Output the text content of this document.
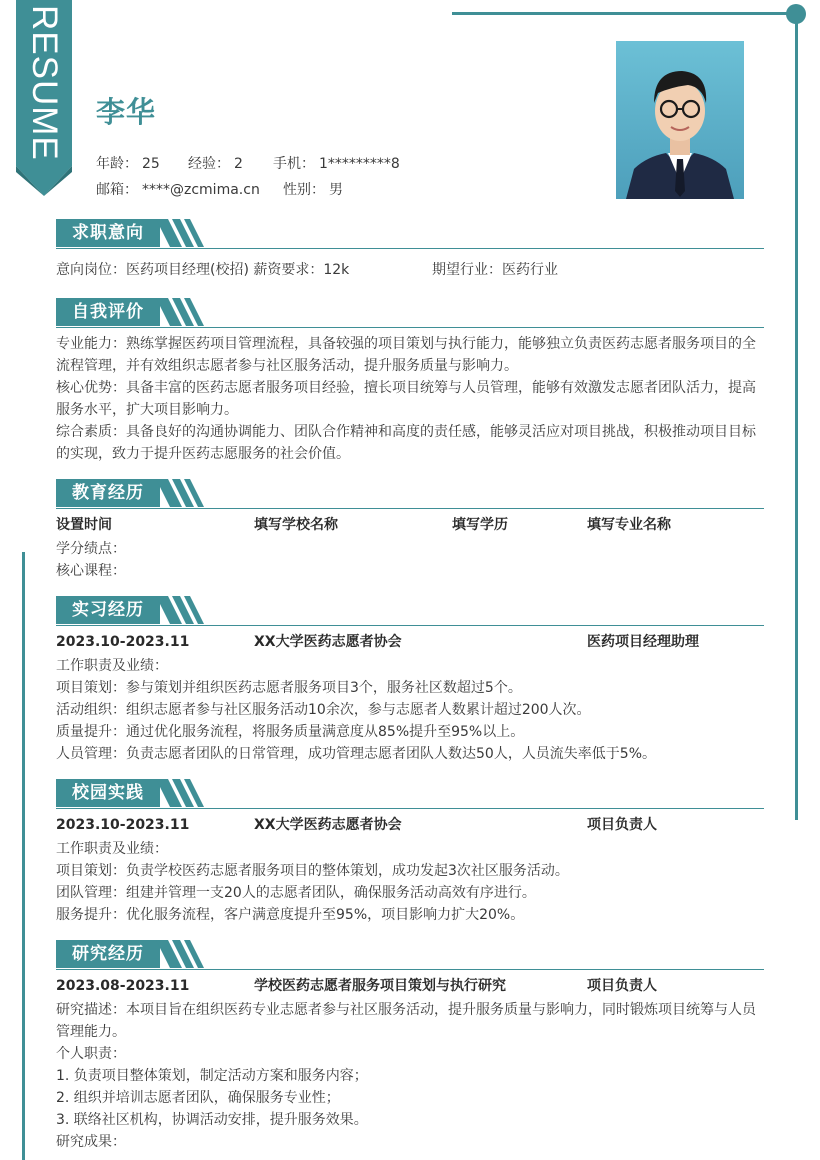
RESUME 李华
年龄： 25 经验： 2 手机： 1*********8
邮箱： ****@zcmima.cn 性别： 男
求职意向
意向岗位：医药项目经理(校招) 薪资要求：12k	期望行业：医药行业
自我评价
专业能力：熟练掌握医药项目管理流程，具备较强的项目策划与执行能力，能够独立负责医药志愿者服务项目的全流程管理，并有效组织志愿者参与社区服务活动，提升服务质量与影响力。
核心优势：具备丰富的医药志愿者服务项目经验，擅长项目统筹与人员管理，能够有效激发志愿者团队活力，提高服务水平，扩大项目影响力。
综合素质：具备良好的沟通协调能力、团队合作精神和高度的责任感，能够灵活应对项目挑战，积极推动项目目标的实现，致力于提升医药志愿服务的社会价值。
教育经历
设置时间	填写学校名称	填写学历	填写专业名称
学分绩点：
核心课程：
实习经历
2023.10-2023.11	XX大学医药志愿者协会	医药项目经理助理
工作职责及业绩：
项目策划：参与策划并组织医药志愿者服务项目3个，服务社区数超过5个。
活动组织：组织志愿者参与社区服务活动10余次，参与志愿者人数累计超过200人次。
质量提升：通过优化服务流程，将服务质量满意度从85%提升至95%以上。
人员管理：负责志愿者团队的日常管理，成功管理志愿者团队人数达50人，人员流失率低于5%。
校园实践
2023.10-2023.11	XX大学医药志愿者协会	项目负责人
工作职责及业绩：
项目策划：负责学校医药志愿者服务项目的整体策划，成功发起3次社区服务活动。
团队管理：组建并管理一支20人的志愿者团队，确保服务活动高效有序进行。
服务提升：优化服务流程，客户满意度提升至95%，项目影响力扩大20%。
研究经历
2023.08-2023.11	学校医药志愿者服务项目策划与执行研究	项目负责人
研究描述：本项目旨在组织医药专业志愿者参与社区服务活动，提升服务质量与影响力，同时锻炼项目统筹与人员管理能力。
个人职责：
1. 负责项目整体策划，制定活动方案和服务内容；
2. 组织并培训志愿者团队，确保服务专业性；
3. 联络社区机构，协调活动安排，提升服务效果。
研究成果：
